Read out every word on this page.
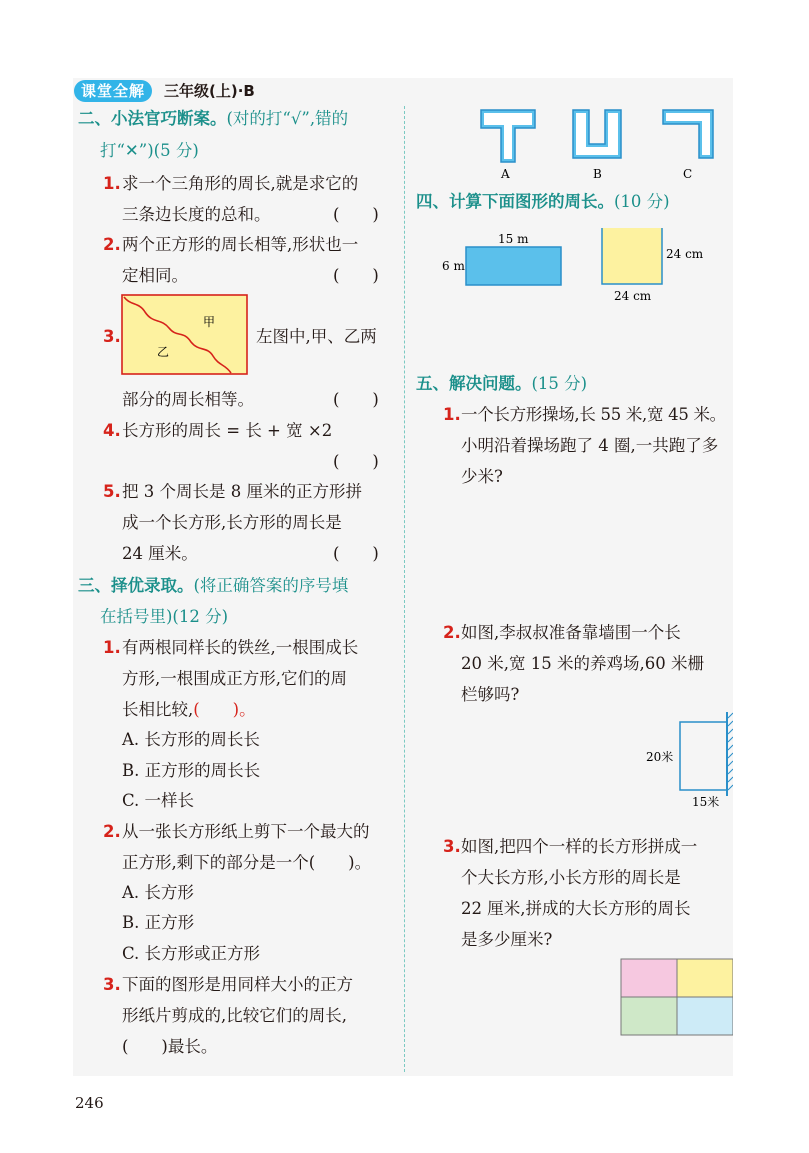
课堂全解	三年级(上)·B
二、小法官巧断案。(对的打“√”,错的
打“✕”)(5 分)
1. 求一个三角形的周长,就是求它的
三条边长度的总和。	(　　)
2. 两个正方形的周长相等,形状也一
定相同。	(　　)
3.
甲
乙
左图中,甲、乙两
部分的周长相等。	(　　)
4. 长方形的周长 = 长 + 宽 ×2
(　　)
5. 把 3 个周长是 8 厘米的正方形拼
成一个长方形,长方形的周长是
24 厘米。	(　　)
三、择优录取。(将正确答案的序号填
在括号里)(12 分)
1. 有两根同样长的铁丝,一根围成长
方形,一根围成正方形,它们的周
长相比较,(　　)。
A. 长方形的周长长
B. 正方形的周长长
C. 一样长
2. 从一张长方形纸上剪下一个最大的
正方形,剩下的部分是一个(　　)。
A. 长方形
B. 正方形
C. 长方形或正方形
3. 下面的图形是用同样大小的正方
形纸片剪成的,比较它们的周长,
(　　)最长。
A	B	C
四、计算下面图形的周长。(10 分)
15 m
6 m
24 cm
24 cm
五、解决问题。(15 分)
1. 一个长方形操场,长 55 米,宽 45 米。
小明沿着操场跑了 4 圈,一共跑了多
少米?
2. 如图,李叔叔准备靠墙围一个长
20 米,宽 15 米的养鸡场,60 米栅
栏够吗?
20米
15米
3. 如图,把四个一样的长方形拼成一
个大长方形,小长方形的周长是
22 厘米,拼成的大长方形的周长
是多少厘米?
246
